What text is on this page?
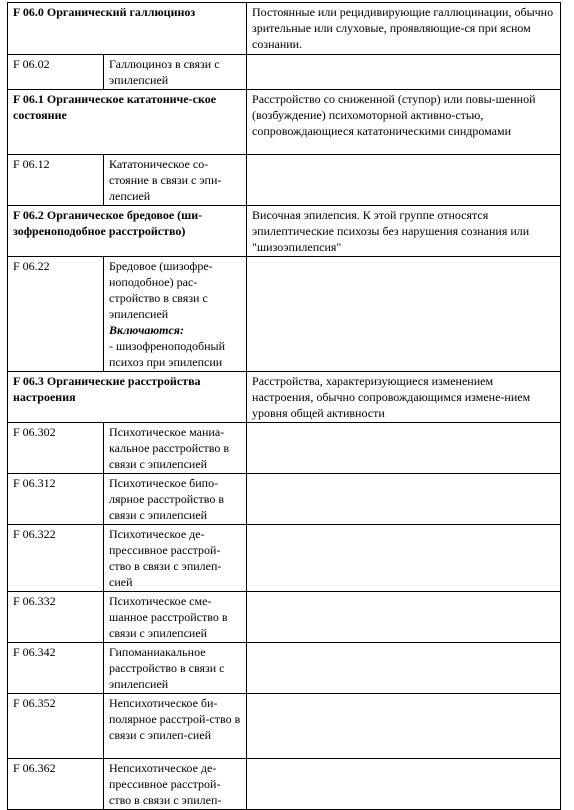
F 06.0 Органический галлюциноз		Постоянные или рецидивирующие галлюцинации, обычно зрительные или слуховые, проявляющие-ся при ясном сознании.
F 06.02	Галлюциноз в связи с эпилепсией	
F 06.1 Органическое кататоничe-ское состояние		Расстройство со сниженной (ступор) или повы-шенной (возбуждение) психомоторной активно-стью, сопровождающиеся кататоническими синдромами
F 06.12	Кататоническое со-стояние в связи с эпи-лепсией	
F 06.2 Органическое бредовое (ши-зофреноподобное расстройство)		Височная эпилепсия. К этой группе относятся эпилептические психозы без нарушения сознания или "шизоэпилепсия"
F 06.22	Бредовое (шизофре-ноподобное) рас-стройство в связи с эпилепсией
Включаются:
- шизофреноподобный психоз при эпилепсии	

F 06.3 Органические расстройства настроения		Расстройства, характеризующиеся изменением настроения, обычно сопровождающимся измене-нием уровня общей активности
F 06.302	Психотическое маниа-кальное расстройство в связи с эпилепсией	
F 06.312	Психотическое бипо-лярное расстройство в связи с эпилепсией	
F 06.322	Психотическое де-прессивное расстрой-ство в связи с эпилеп-сией	
F 06.332	Психотическое сме-шанное расстройство в связи с эпилепсией	
F 06.342	Гипоманиакальное расстройство в связи с эпилепсией	
F 06.352	Непсихотическое би-полярное расстрой-ство в связи с эпилеп-сией	
F 06.362	Непсихотическое де-прессивное расстрой-ство в связи с эпилеп-	
